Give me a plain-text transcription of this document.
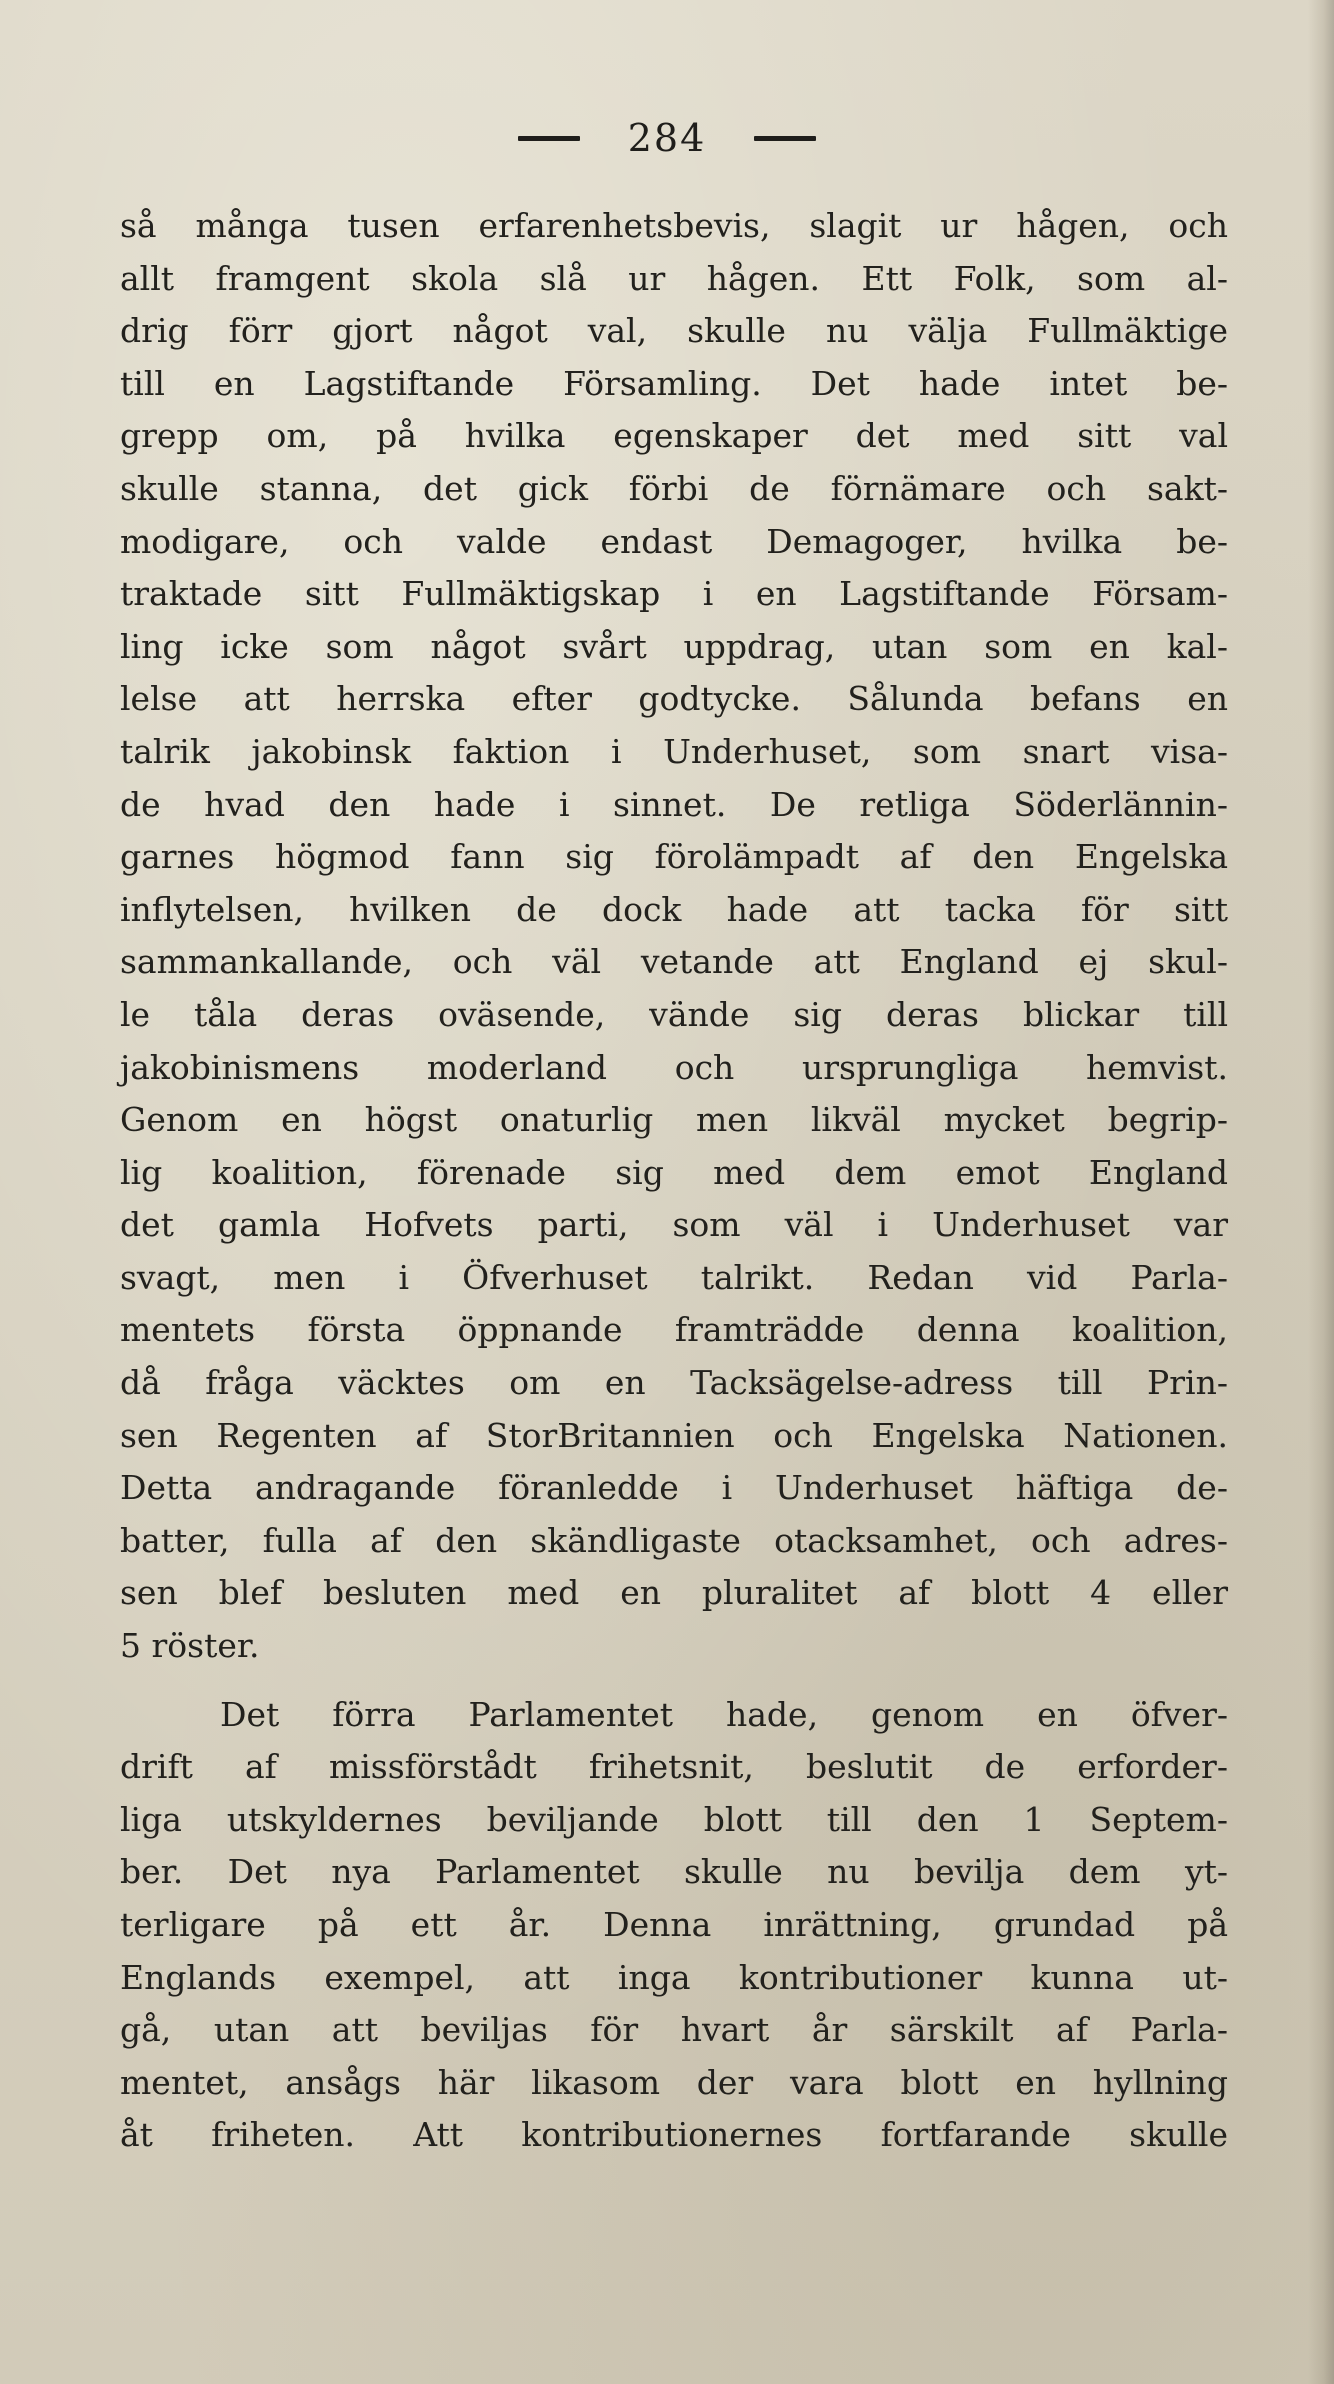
284
så många tusen erfarenhetsbevis, slagit ur hågen, och
allt framgent skola slå ur hågen. Ett Folk, som al-
drig förr gjort något val, skulle nu välja Fullmäktige
till en Lagstiftande Församling. Det hade intet be-
grepp om, på hvilka egenskaper det med sitt val
skulle stanna, det gick förbi de förnämare och sakt-
modigare, och valde endast Demagoger, hvilka be-
traktade sitt Fullmäktigskap i en Lagstiftande Försam-
ling icke som något svårt uppdrag, utan som en kal-
lelse att herrska efter godtycke. Sålunda befans en
talrik jakobinsk faktion i Underhuset, som snart visa-
de hvad den hade i sinnet. De retliga Söderlännin-
garnes högmod fann sig förolämpadt af den Engelska
inflytelsen, hvilken de dock hade att tacka för sitt
sammankallande, och väl vetande att England ej skul-
le tåla deras oväsende, vände sig deras blickar till
jakobinismens moderland och ursprungliga hemvist.
Genom en högst onaturlig men likväl mycket begrip-
lig koalition, förenade sig med dem emot England
det gamla Hofvets parti, som väl i Underhuset var
svagt, men i Öfverhuset talrikt. Redan vid Parla-
mentets första öppnande framträdde denna koalition,
då fråga väcktes om en Tacksägelse-adress till Prin-
sen Regenten af StorBritannien och Engelska Nationen.
Detta andragande föranledde i Underhuset häftiga de-
batter, fulla af den skändligaste otacksamhet, och adres-
sen blef besluten med en pluralitet af blott 4 eller
5 röster.
Det förra Parlamentet hade, genom en öfver-
drift af missförstådt frihetsnit, beslutit de erforder-
liga utskyldernes beviljande blott till den 1 Septem-
ber. Det nya Parlamentet skulle nu bevilja dem yt-
terligare på ett år. Denna inrättning, grundad på
Englands exempel, att inga kontributioner kunna ut-
gå, utan att beviljas för hvart år särskilt af Parla-
mentet, ansågs här likasom der vara blott en hyllning
åt friheten. Att kontributionernes fortfarande skulle
